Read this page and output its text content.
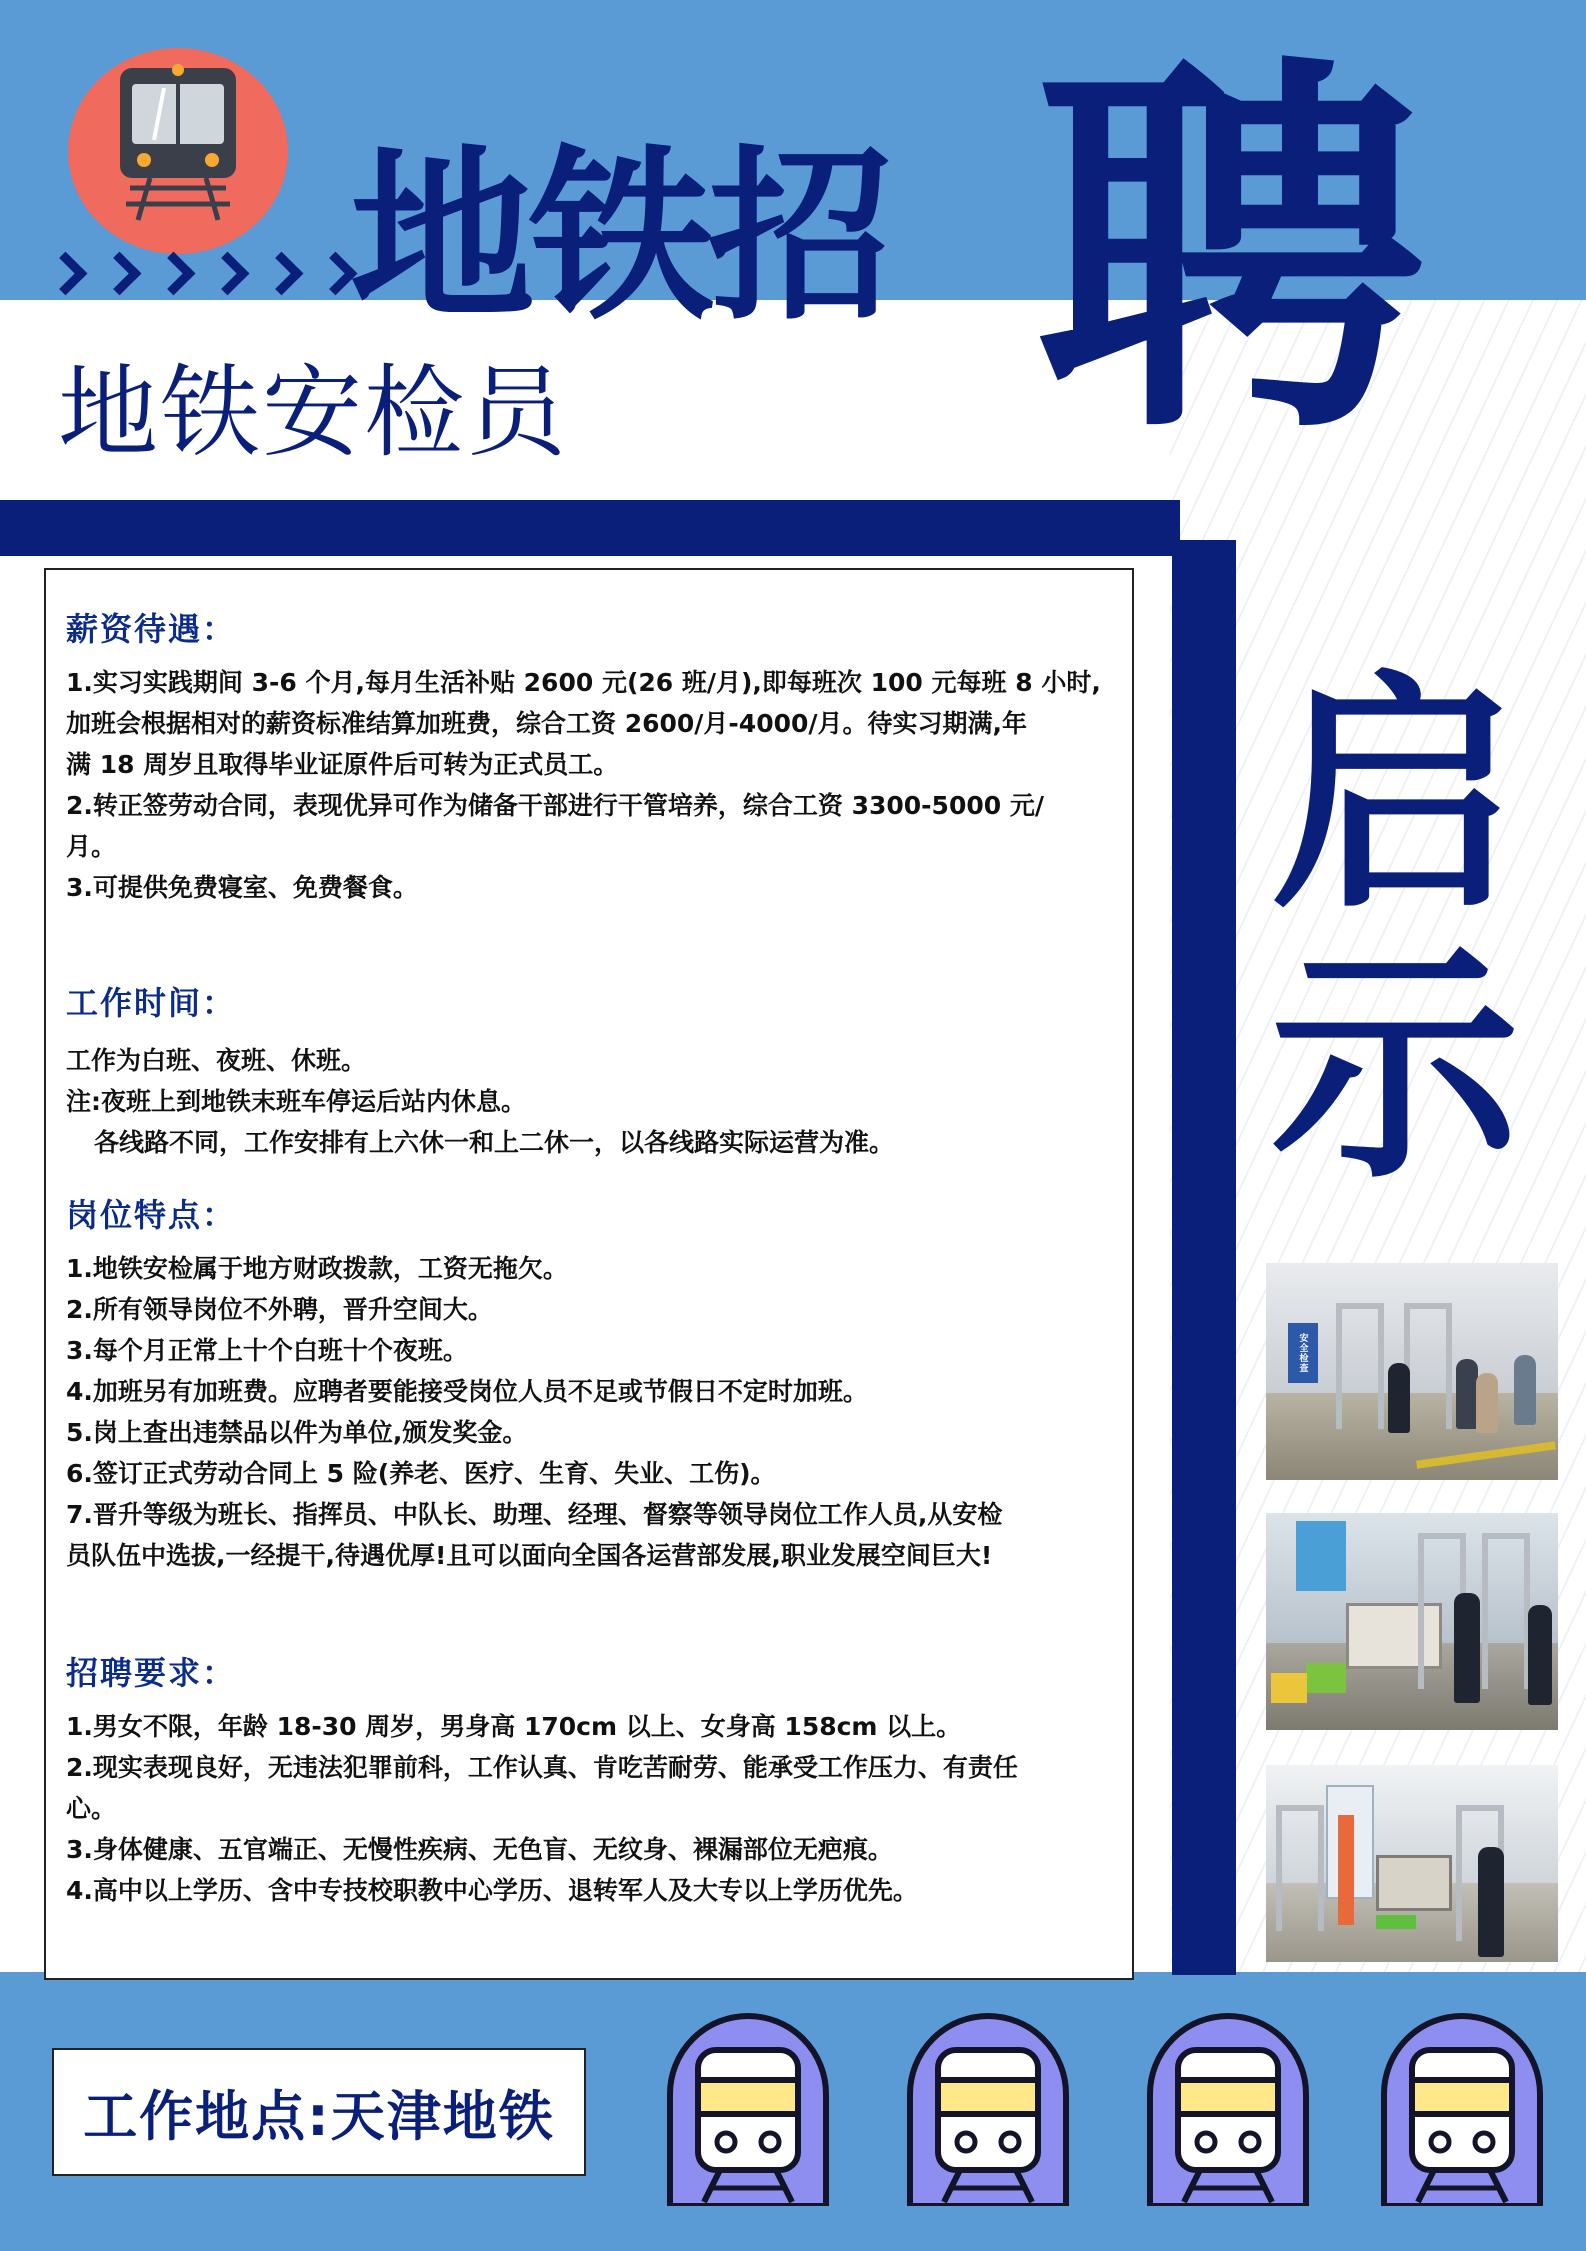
地铁招 聘
启
示
地铁安检员
薪资待遇：

1.实习实践期间 3-6 个月,每月生活补贴 2600 元(26 班/月),即每班次 100 元每班 8 小时,

加班会根据相对的薪资标准结算加班费，综合工资 2600/月-4000/月。待实习期满,年

满 18 周岁且取得毕业证原件后可转为正式员工。

2.转正签劳动合同，表现优异可作为储备干部进行干管培养，综合工资 3300-5000 元/

月。

3.可提供免费寝室、免费餐食。

工作时间：

工作为白班、夜班、休班。

注:夜班上到地铁末班车停运后站内休息。

各线路不同，工作安排有上六休一和上二休一，以各线路实际运营为准。

岗位特点：

1.地铁安检属于地方财政拨款，工资无拖欠。

2.所有领导岗位不外聘，晋升空间大。

3.每个月正常上十个白班十个夜班。

4.加班另有加班费。应聘者要能接受岗位人员不足或节假日不定时加班。

5.岗上查出违禁品以件为单位,颁发奖金。

6.签订正式劳动合同上 5 险(养老、医疗、生育、失业、工伤)。

7.晋升等级为班长、指挥员、中队长、助理、经理、督察等领导岗位工作人员,从安检

员队伍中选拔,一经提干,待遇优厚!且可以面向全国各运营部发展,职业发展空间巨大!

招聘要求：

1.男女不限，年龄 18-30 周岁，男身高 170cm 以上、女身高 158cm 以上。

2.现实表现良好，无违法犯罪前科，工作认真、肯吃苦耐劳、能承受工作压力、有责任

心。

3.身体健康、五官端正、无慢性疾病、无色盲、无纹身、裸漏部位无疤痕。

4.高中以上学历、含中专技校职教中心学历、退转军人及大专以上学历优先。

安全检查
工作地点:天津地铁
